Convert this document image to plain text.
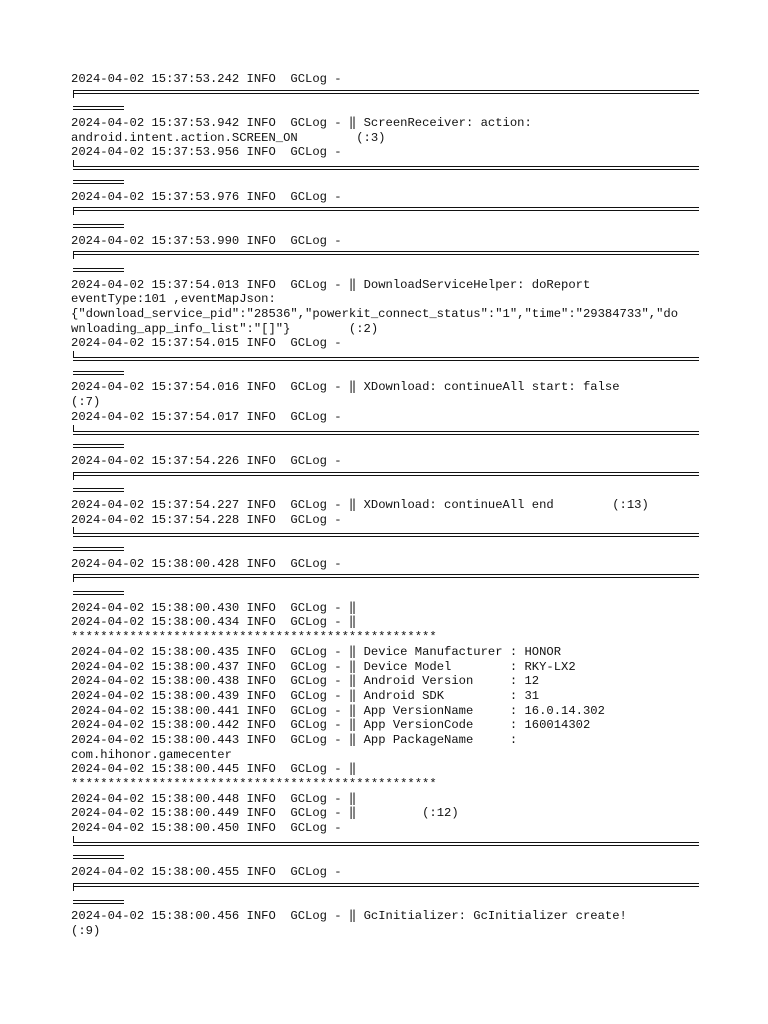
2024-04-02 15:37:53.242 INFO  GCLog -
2024-04-02 15:37:53.942 INFO  GCLog - ‖ ScreenReceiver: action:
android.intent.action.SCREEN_ON        (:3)
2024-04-02 15:37:53.956 INFO  GCLog -
2024-04-02 15:37:53.976 INFO  GCLog -
2024-04-02 15:37:53.990 INFO  GCLog -
2024-04-02 15:37:54.013 INFO  GCLog - ‖ DownloadServiceHelper: doReport
eventType:101 ,eventMapJson:
{"download_service_pid":"28536","powerkit_connect_status":"1","time":"29384733","do
wnloading_app_info_list":"[]"}        (:2)
2024-04-02 15:37:54.015 INFO  GCLog -
2024-04-02 15:37:54.016 INFO  GCLog - ‖ XDownload: continueAll start: false
(:7)
2024-04-02 15:37:54.017 INFO  GCLog -
2024-04-02 15:37:54.226 INFO  GCLog -
2024-04-02 15:37:54.227 INFO  GCLog - ‖ XDownload: continueAll end        (:13)
2024-04-02 15:37:54.228 INFO  GCLog -
2024-04-02 15:38:00.428 INFO  GCLog -
2024-04-02 15:38:00.430 INFO  GCLog - ‖
2024-04-02 15:38:00.434 INFO  GCLog - ‖
**************************************************
2024-04-02 15:38:00.435 INFO  GCLog - ‖ Device Manufacturer : HONOR
2024-04-02 15:38:00.437 INFO  GCLog - ‖ Device Model        : RKY-LX2
2024-04-02 15:38:00.438 INFO  GCLog - ‖ Android Version     : 12
2024-04-02 15:38:00.439 INFO  GCLog - ‖ Android SDK         : 31
2024-04-02 15:38:00.441 INFO  GCLog - ‖ App VersionName     : 16.0.14.302
2024-04-02 15:38:00.442 INFO  GCLog - ‖ App VersionCode     : 160014302
2024-04-02 15:38:00.443 INFO  GCLog - ‖ App PackageName     :
com.hihonor.gamecenter
2024-04-02 15:38:00.445 INFO  GCLog - ‖
**************************************************
2024-04-02 15:38:00.448 INFO  GCLog - ‖
2024-04-02 15:38:00.449 INFO  GCLog - ‖         (:12)
2024-04-02 15:38:00.450 INFO  GCLog -
2024-04-02 15:38:00.455 INFO  GCLog -
2024-04-02 15:38:00.456 INFO  GCLog - ‖ GcInitializer: GcInitializer create!
(:9)
